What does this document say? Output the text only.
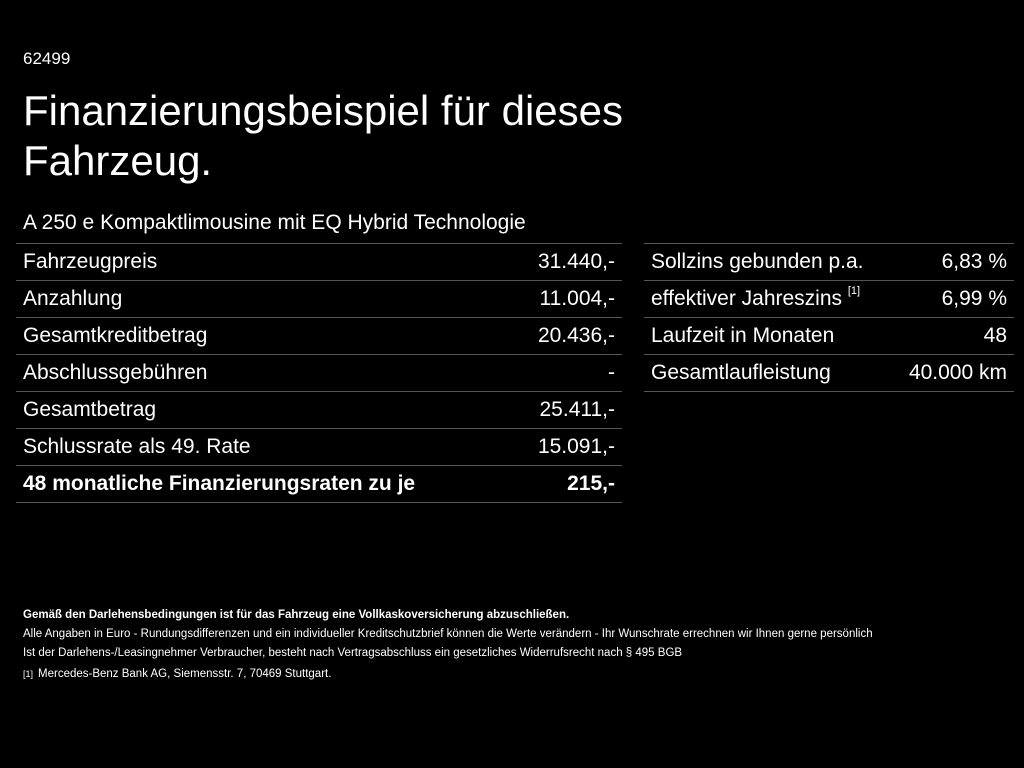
62499
Finanzierungsbeispiel für dieses Fahrzeug.
A 250 e Kompaktlimousine mit EQ Hybrid Technologie
Fahrzeugpreis	31.440,-
Anzahlung	11.004,-
Gesamtkreditbetrag	20.436,-
Abschlussgebühren	-
Gesamtbetrag	25.411,-
Schlussrate als 49. Rate	15.091,-
48 monatliche Finanzierungsraten zu je	215,-
Sollzins gebunden p.a.	6,83 %
effektiver Jahreszins [1]	6,99 %
Laufzeit in Monaten	48
Gesamtlaufleistung	40.000 km
Gemäß den Darlehensbedingungen ist für das Fahrzeug eine Vollkaskoversicherung abzuschließen.
Alle Angaben in Euro - Rundungsdifferenzen und ein individueller Kreditschutzbrief können die Werte verändern - Ihr Wunschrate errechnen wir Ihnen gerne persönlich
Ist der Darlehens-/Leasingnehmer Verbraucher, besteht nach Vertragsabschluss ein gesetzliches Widerrufsrecht nach § 495 BGB
[1] Mercedes-Benz Bank AG, Siemensstr. 7, 70469 Stuttgart.
